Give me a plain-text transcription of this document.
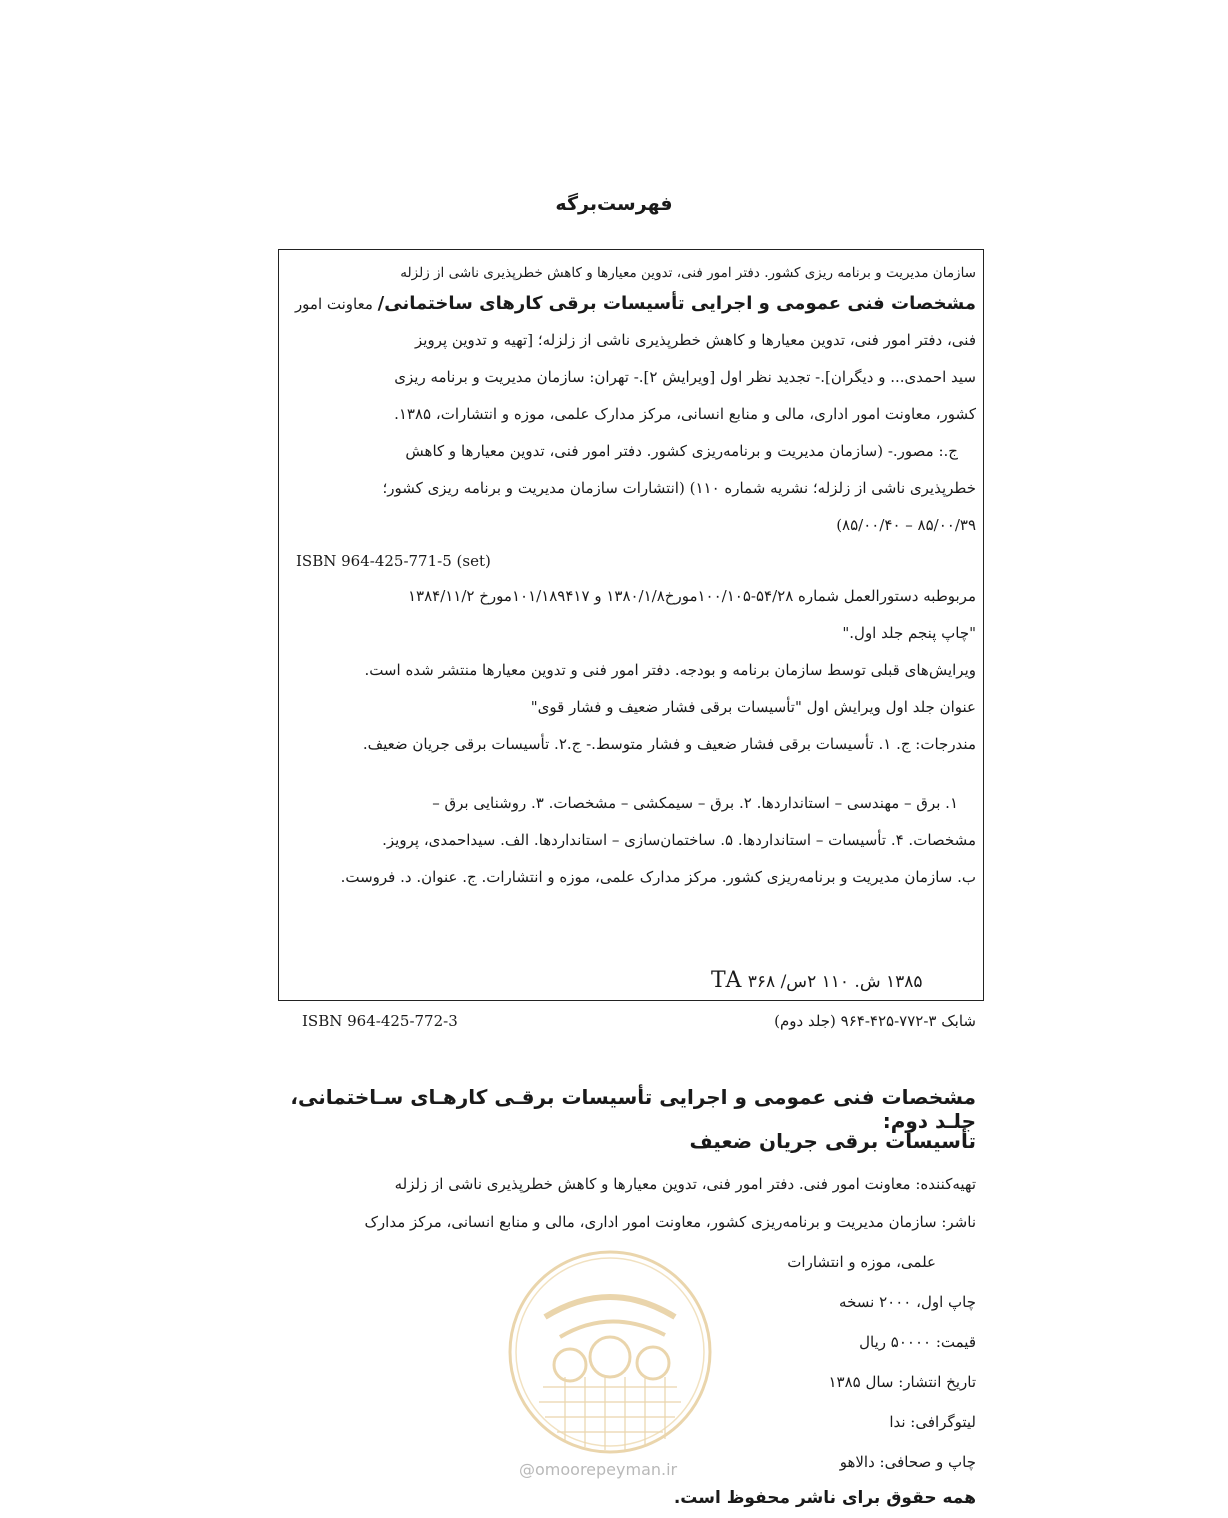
فهرست‌برگه
سازمان مدیریت و برنامه ریزی کشور. دفتر امور فنی، تدوین معیارها و کاهش خطرپذیری ناشی از زلزله
مشخصات فنی عمومی و اجرایی تأسیسات برقی کارهای ساختمانی/ معاونت امور
فنی، دفتر امور فنی، تدوین معیارها و کاهش خطرپذیری ناشی از زلزله؛ [تهیه و تدوین پرویز
سید احمدی... و دیگران].- تجدید نظر اول [ویرایش ۲].- تهران: سازمان مدیریت و برنامه ریزی
کشور، معاونت امور اداری، مالی و منابع انسانی، مرکز مدارک علمی، موزه و انتشارات، ۱۳۸۵.
ج.: مصور.- (سازمان مدیریت و برنامه‌ریزی کشور. دفتر امور فنی، تدوین معیارها و کاهش
خطرپذیری ناشی از زلزله؛ نشریه شماره ۱۱۰) (انتشارات سازمان مدیریت و برنامه ریزی کشور؛
۸۵/۰۰/۳۹ – ۸۵/۰۰/۴۰)
ISBN 964-425-771-5 (set)
مربوطبه دستورالعمل شماره ۵۴/۲۸-۱۰۰/۱۰۵مورخ۱۳۸۰/۱/۸ و ۱۰۱/۱۸۹۴۱۷مورخ ۱۳۸۴/۱۱/۲
"چاپ پنجم جلد اول."
ویرایش‌های قبلی توسط سازمان برنامه و بودجه. دفتر امور فنی و تدوین معیارها منتشر شده است.
عنوان جلد اول ویرایش اول "تأسیسات برقی فشار ضعیف و فشار قوی"
مندرجات: ج. ۱. تأسیسات برقی فشار ضعیف و فشار متوسط.- ج.۲. تأسیسات برقی جریان ضعیف.
۱. برق – مهندسی – استانداردها. ۲. برق – سیمکشی – مشخصات. ۳. روشنایی برق –
مشخصات. ۴. تأسیسات – استانداردها. ۵. ساختمان‌سازی – استانداردها. الف. سیداحمدی، پرویز.
ب. سازمان مدیریت و برنامه‌ریزی کشور. مرکز مدارک علمی، موزه و انتشارات. ج. عنوان. د. فروست.
۱۳۸۵ ش. ۱۱۰ ۲س/ ۳۶۸ TA
ISBN 964-425-772-3	شابک ۳-۷۷۲-۴۲۵-۹۶۴ (جلد دوم)
مشخصات فنی عمومی و اجرایی تأسیسات برقـی کارهـای سـاختمانی، جلـد دوم:
تأسیسات برقی جریان ضعیف
تهیه‌کننده: معاونت امور فنی. دفتر امور فنی، تدوین معیارها و کاهش خطرپذیری ناشی از زلزله
ناشر: سازمان مدیریت و برنامه‌ریزی کشور، معاونت امور اداری، مالی و منابع انسانی، مرکز مدارک
علمی، موزه و انتشارات
چاپ اول، ۲۰۰۰ نسخه
قیمت: ۵۰۰۰۰ ریال
تاریخ انتشار: سال ۱۳۸۵
لیتوگرافی: ندا
چاپ و صحافی: دالاهو
@omoorepeyman.ir
همه حقوق برای ناشر محفوظ است.
